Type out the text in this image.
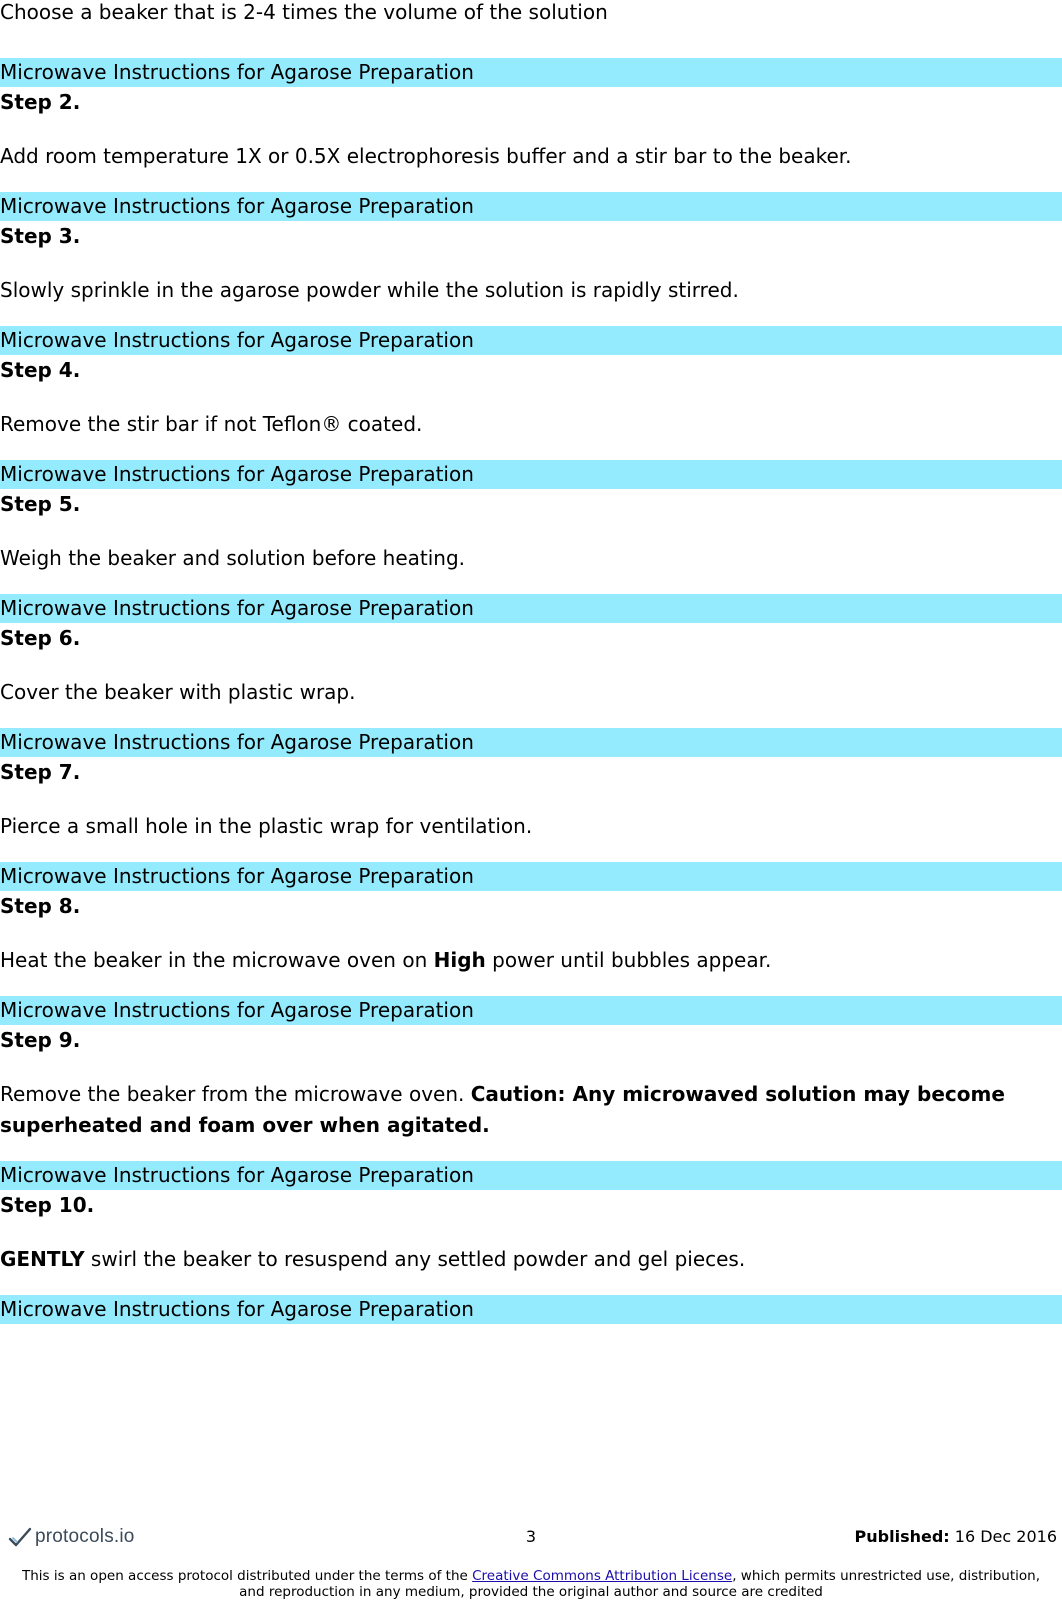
Choose a beaker that is 2-4 times the volume of the solution

Microwave Instructions for Agarose Preparation
Step 2.
Add room temperature 1X or 0.5X electrophoresis buffer and a stir bar to the beaker.
Microwave Instructions for Agarose Preparation
Step 3.
Slowly sprinkle in the agarose powder while the solution is rapidly stirred.
Microwave Instructions for Agarose Preparation
Step 4.
Remove the stir bar if not Teflon® coated.
Microwave Instructions for Agarose Preparation
Step 5.
Weigh the beaker and solution before heating.
Microwave Instructions for Agarose Preparation
Step 6.
Cover the beaker with plastic wrap.
Microwave Instructions for Agarose Preparation
Step 7.
Pierce a small hole in the plastic wrap for ventilation.
Microwave Instructions for Agarose Preparation
Step 8.
Heat the beaker in the microwave oven on High power until bubbles appear.
Microwave Instructions for Agarose Preparation
Step 9.
Remove the beaker from the microwave oven. Caution: Any microwaved solution may become superheated and foam over when agitated.
Microwave Instructions for Agarose Preparation
Step 10.
GENTLY swirl the beaker to resuspend any settled powder and gel pieces.
Microwave Instructions for Agarose Preparation
protocols.io	3	Published: 16 Dec 2016
This is an open access protocol distributed under the terms of the Creative Commons Attribution License, which permits unrestricted use, distribution,
and reproduction in any medium, provided the original author and source are credited
